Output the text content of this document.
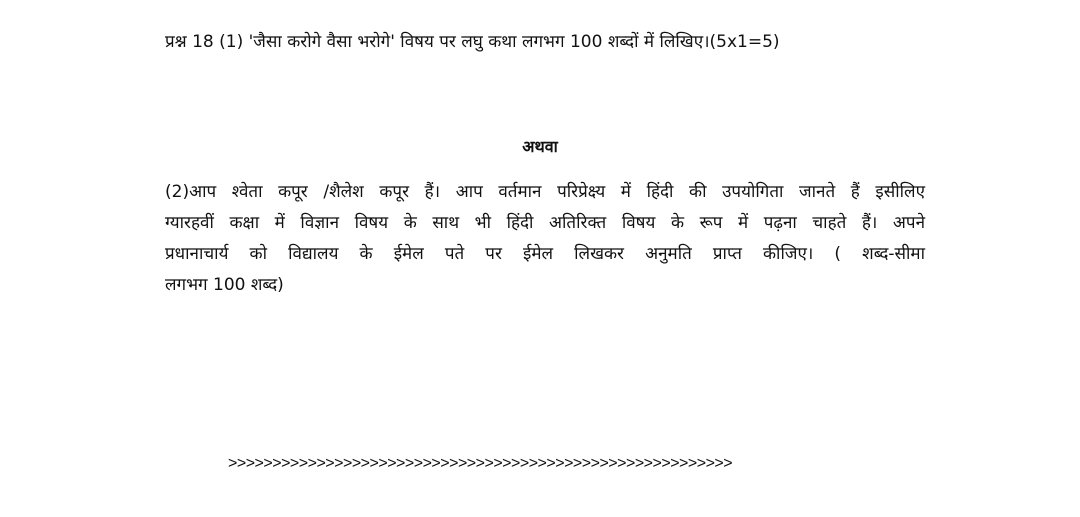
प्रश्न 18 (1) 'जैसा करोगे वैसा भरोगे' विषय पर लघु कथा लगभग 100 शब्दों में लिखिए।(5x1=5)
अथवा
(2)आप श्वेता कपूर /शैलेश कपूर हैं। आप वर्तमान परिप्रेक्ष्य में हिंदी की उपयोगिता जानते हैं इसीलिए
ग्यारहवीं कक्षा में विज्ञान विषय के साथ भी हिंदी अतिरिक्त विषय के रूप में पढ़ना चाहते हैं। अपने
प्रधानाचार्य को विद्यालय के ईमेल पते पर ईमेल लिखकर अनुमति प्राप्त कीजिए। ( शब्द-सीमा
लगभग 100 शब्द)
>>>>>>>>>>>>>>>>>>>>>>>>>>>>>>>>>>>>>>>>>>>>>>>>>>>>>>>>>
